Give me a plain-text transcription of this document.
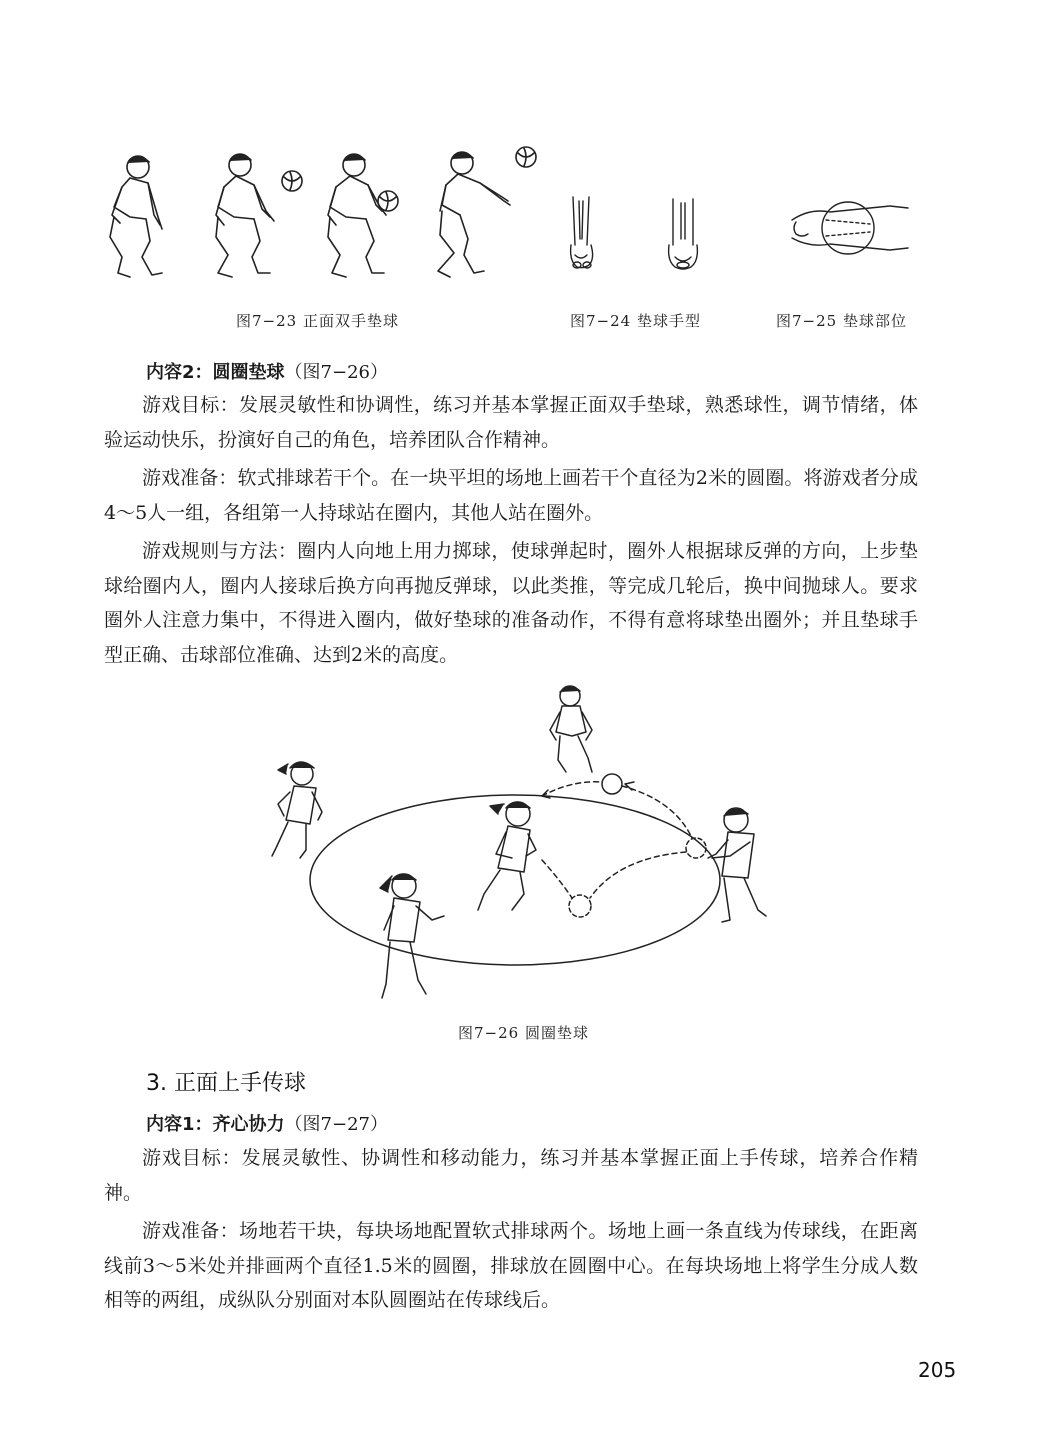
图7−23 正面双手垫球	图7−24 垫球手型	图7−25 垫球部位
内容2：圆圈垫球（图7−26）

游戏目标：发展灵敏性和协调性，练习并基本掌握正面双手垫球，熟悉球性，调节情绪，体验运动快乐，扮演好自己的角色，培养团队合作精神。

游戏准备：软式排球若干个。在一块平坦的场地上画若干个直径为2米的圆圈。将游戏者分成4～5人一组，各组第一人持球站在圈内，其他人站在圈外。

游戏规则与方法：圈内人向地上用力掷球，使球弹起时，圈外人根据球反弹的方向，上步垫球给圈内人，圈内人接球后换方向再抛反弹球，以此类推，等完成几轮后，换中间抛球人。要求圈外人注意力集中，不得进入圈内，做好垫球的准备动作，不得有意将球垫出圈外；并且垫球手型正确、击球部位准确、达到2米的高度。

图7−26 圆圈垫球
3. 正面上手传球
内容1：齐心协力（图7−27）

游戏目标：发展灵敏性、协调性和移动能力，练习并基本掌握正面上手传球，培养合作精神。

游戏准备：场地若干块，每块场地配置软式排球两个。场地上画一条直线为传球线，在距离线前3～5米处并排画两个直径1.5米的圆圈，排球放在圆圈中心。在每块场地上将学生分成人数相等的两组，成纵队分别面对本队圆圈站在传球线后。

205
